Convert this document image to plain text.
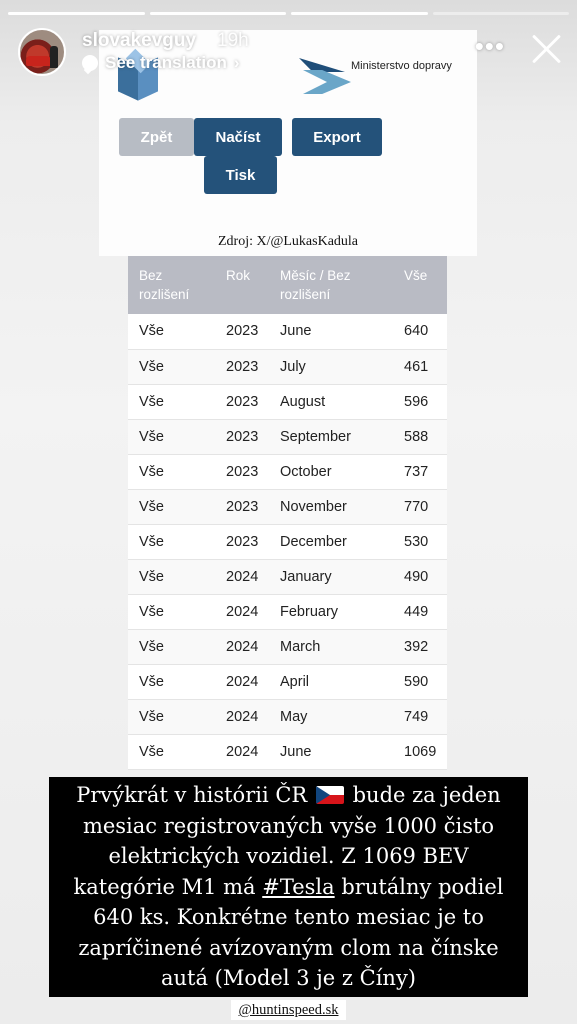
slovakevguy 19h
See translation ›
•••
Ministerstvo dopravy
Zpět	Načíst	Export
Tisk
Zdroj: X/@LukasKadula
Bez rozlišení	Rok	Měsíc / Bez rozlišení	Vše
Vše	2023	June	640
Vše	2023	July	461
Vše	2023	August	596
Vše	2023	September	588
Vše	2023	October	737
Vše	2023	November	770
Vše	2023	December	530
Vše	2024	January	490
Vše	2024	February	449
Vše	2024	March	392
Vše	2024	April	590
Vše	2024	May	749
Vše	2024	June	1069
Prvýkrát v histórii ČR  bude za jeden mesiac registrovaných vyše 1000 čisto elektrických vozidiel. Z 1069 BEV kategórie M1 má #Tesla brutálny podiel 640 ks. Konkrétne tento mesiac je to zapríčinené avízovaným clom na čínske autá (Model 3 je z Číny)
@huntinspeed.sk
